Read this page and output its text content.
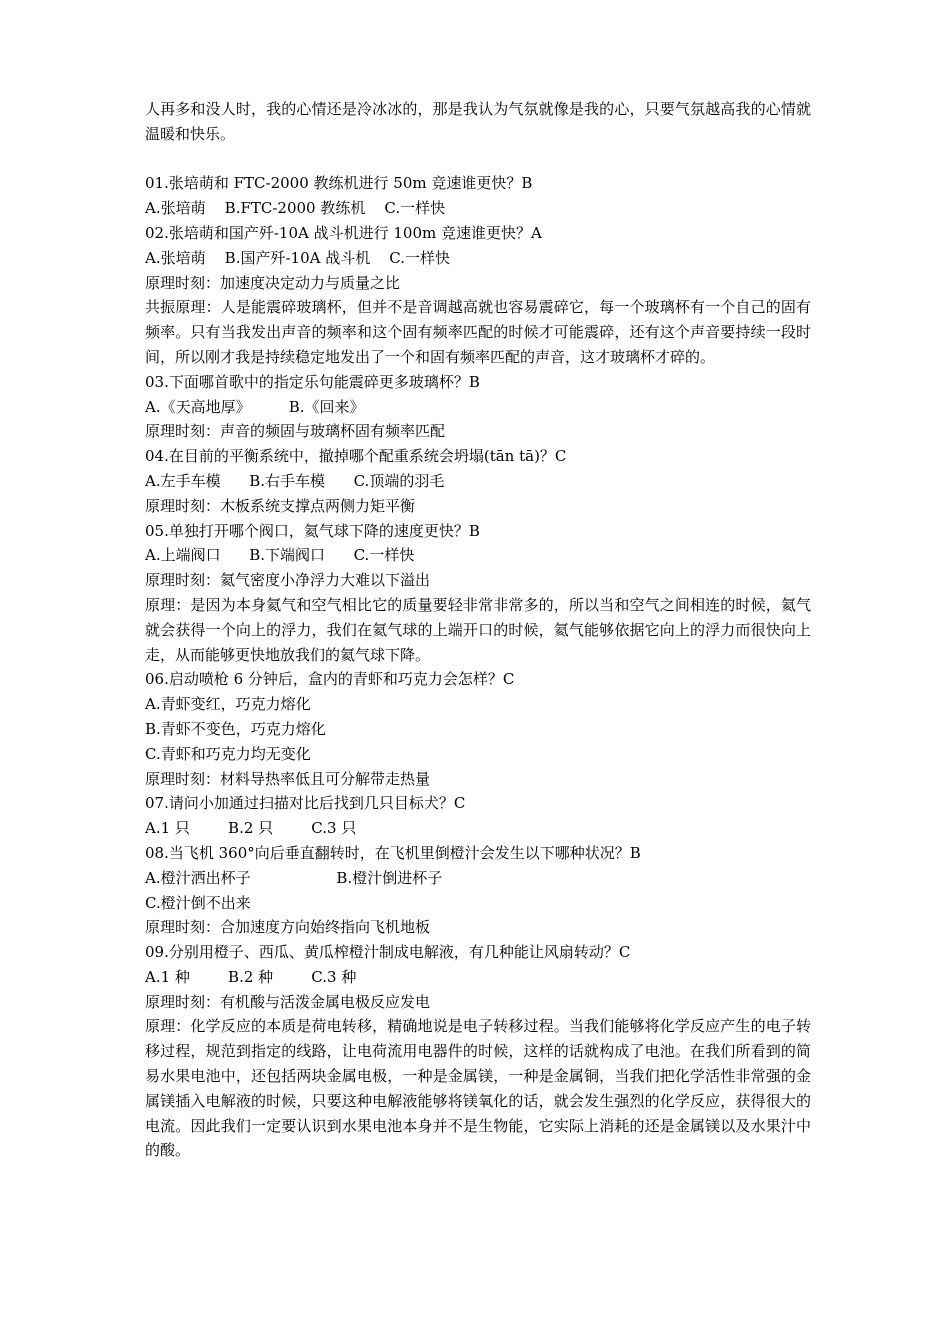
人再多和没人时，我的心情还是冷冰冰的，那是我认为气氛就像是我的心，只要气氛越高我的心情就温暖和快乐。

01.张培萌和 FTC-2000 教练机进行 50m 竞速谁更快？B

A.张培萌    B.FTC-2000 教练机    C.一样快

02.张培萌和国产歼-10A 战斗机进行 100m 竞速谁更快？A

A.张培萌    B.国产歼-10A 战斗机    C.一样快

原理时刻：加速度决定动力与质量之比

共振原理：人是能震碎玻璃杯，但并不是音调越高就也容易震碎它，每一个玻璃杯有一个自己的固有频率。只有当我发出声音的频率和这个固有频率匹配的时候才可能震碎，还有这个声音要持续一段时间，所以刚才我是持续稳定地发出了一个和固有频率匹配的声音，这才玻璃杯才碎的。

03.下面哪首歌中的指定乐句能震碎更多玻璃杯？B

A.《天高地厚》        B.《回来》

原理时刻：声音的频固与玻璃杯固有频率匹配

04.在目前的平衡系统中，撤掉哪个配重系统会坍塌(tān tā)？C

A.左手车模      B.右手车模      C.顶端的羽毛

原理时刻：木板系统支撑点两侧力矩平衡

05.单独打开哪个阀口，氦气球下降的速度更快？B

A.上端阀口      B.下端阀口      C.一样快

原理时刻：氦气密度小净浮力大难以下溢出

原理：是因为本身氦气和空气相比它的质量要轻非常非常多的，所以当和空气之间相连的时候，氦气就会获得一个向上的浮力，我们在氦气球的上端开口的时候，氦气能够依据它向上的浮力而很快向上走，从而能够更快地放我们的氦气球下降。

06.启动喷枪 6 分钟后，盒内的青虾和巧克力会怎样？C

A.青虾变红，巧克力熔化

B.青虾不变色，巧克力熔化

C.青虾和巧克力均无变化

原理时刻：材料导热率低且可分解带走热量

07.请问小加通过扫描对比后找到几只目标犬？C

A.1 只        B.2 只        C.3 只

08.当飞机 360°向后垂直翻转时，在飞机里倒橙汁会发生以下哪种状况？B

A.橙汁洒出杯子                  B.橙汁倒进杯子

C.橙汁倒不出来

原理时刻：合加速度方向始终指向飞机地板

09.分别用橙子、西瓜、黄瓜榨橙汁制成电解液，有几种能让风扇转动？C

A.1 种        B.2 种        C.3 种

原理时刻：有机酸与活泼金属电极反应发电

原理：化学反应的本质是荷电转移，精确地说是电子转移过程。当我们能够将化学反应产生的电子转移过程，规范到指定的线路，让电荷流用电器件的时候，这样的话就构成了电池。在我们所看到的简易水果电池中，还包括两块金属电极，一种是金属镁，一种是金属铜，当我们把化学活性非常强的金属镁插入电解液的时候，只要这种电解液能够将镁氧化的话，就会发生强烈的化学反应，获得很大的电流。因此我们一定要认识到水果电池本身并不是生物能，它实际上消耗的还是金属镁以及水果汁中的酸。
